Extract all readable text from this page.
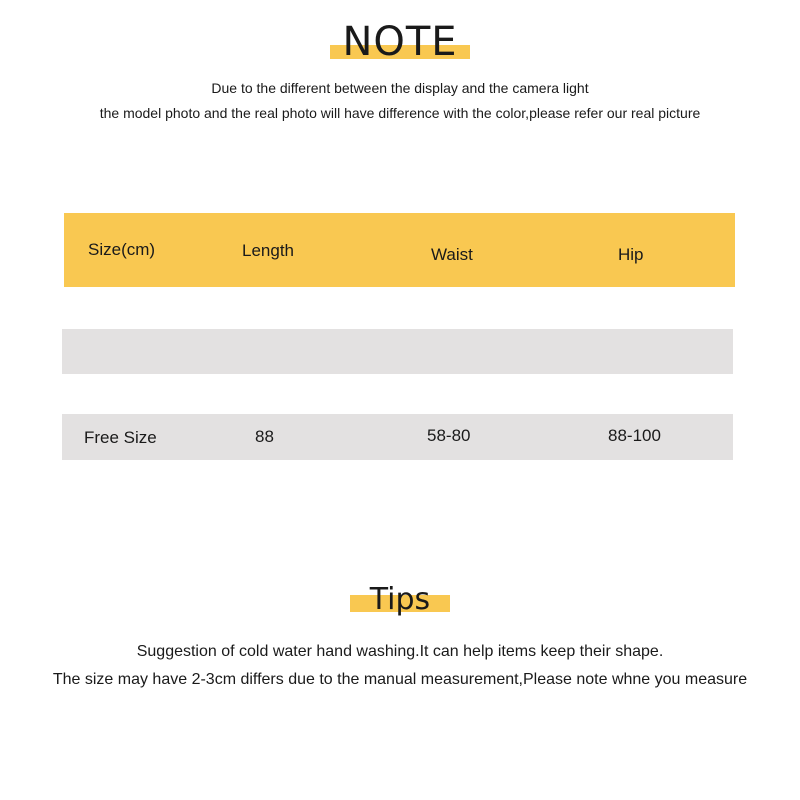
NOTE
Due to the different between the display and the camera light
the model photo and the real photo will have difference with the color,please refer our real picture
Size(cm)	Length	Waist	Hip
Free Size	88	58-80	88-100
Tips
Suggestion of cold water hand washing.It can help items keep their shape.
The size may have 2-3cm differs due to the manual measurement,Please note whne you measure
